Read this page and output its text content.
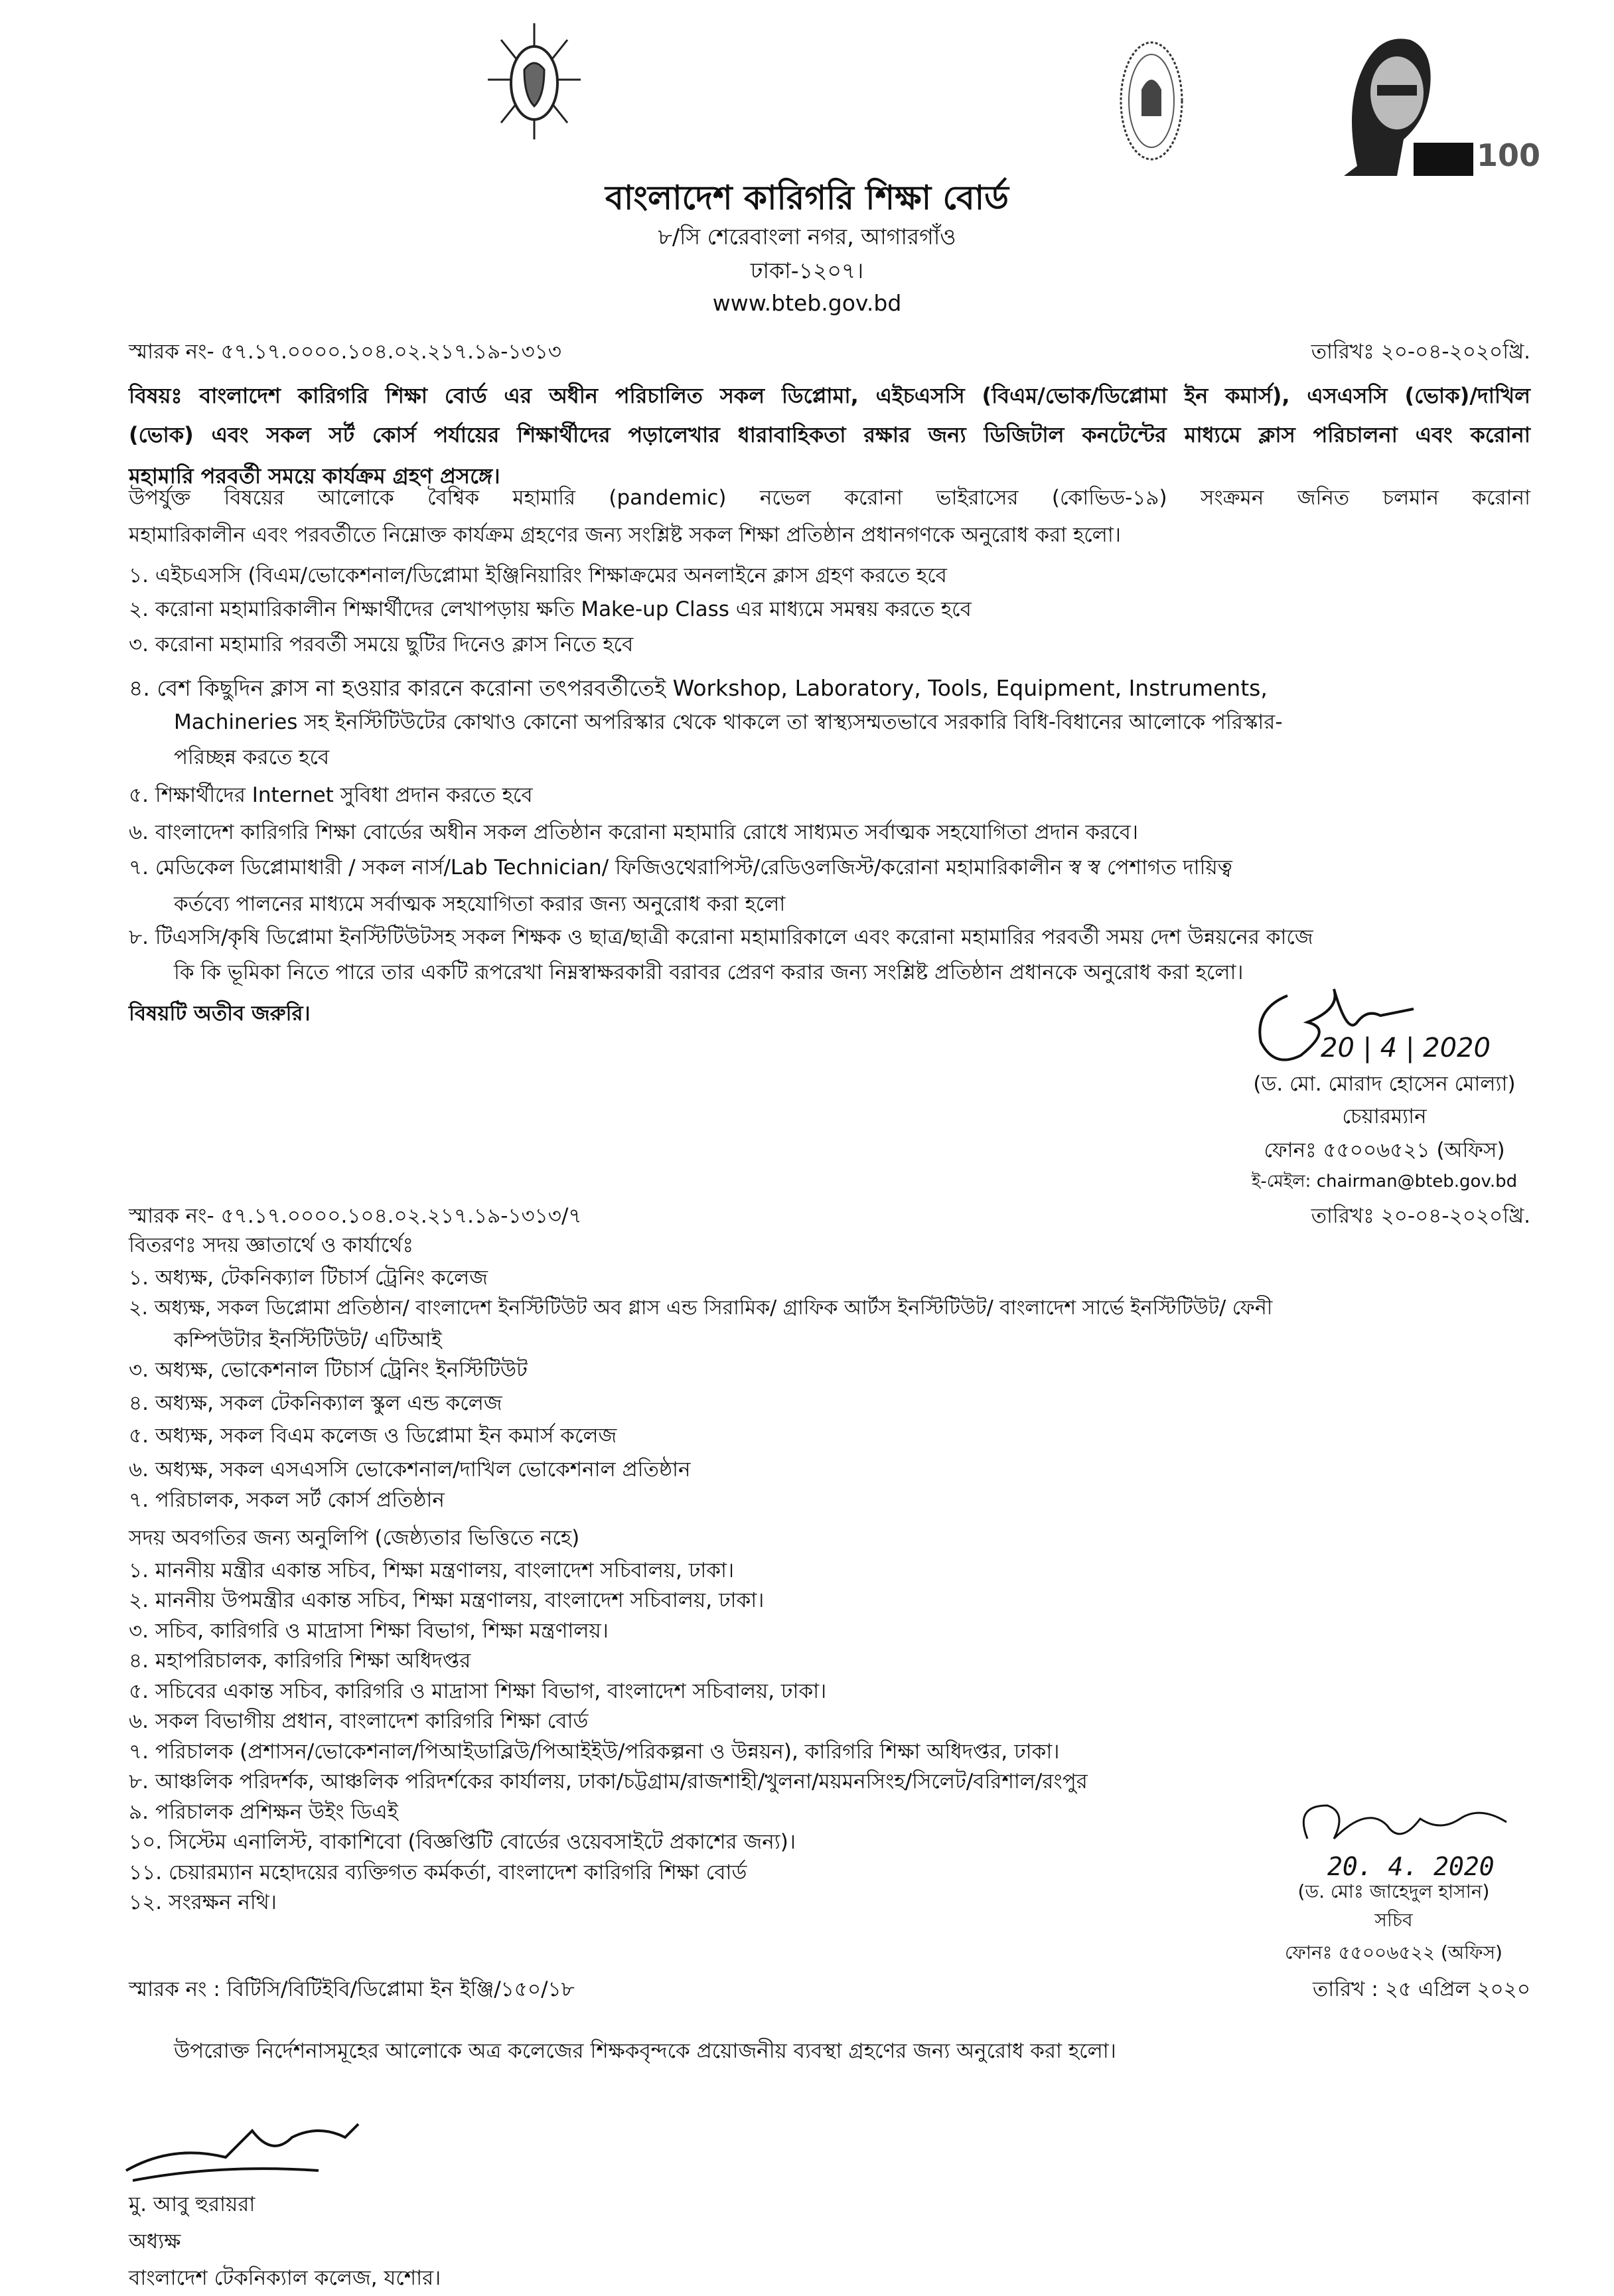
100
বাংলাদেশ কারিগরি শিক্ষা বোর্ড
৮/সি শেরেবাংলা নগর, আগারগাঁও
ঢাকা-১২০৭।
www.bteb.gov.bd
স্মারক নং- ৫৭.১৭.০০০০.১০৪.০২.২১৭.১৯-১৩১৩	তারিখঃ ২০-০৪-২০২০খ্রি.
বিষয়ঃ বাংলাদেশ কারিগরি শিক্ষা বোর্ড এর অধীন পরিচালিত সকল ডিপ্লোমা, এইচএসসি (বিএম/ভোক/ডিপ্লোমা ইন কমার্স), এসএসসি (ভোক)/দাখিল
(ভোক) এবং সকল সর্ট কোর্স পর্যায়ের শিক্ষার্থীদের পড়ালেখার ধারাবাহিকতা রক্ষার জন্য ডিজিটাল কনটেন্টের মাধ্যমে ক্লাস পরিচালনা এবং করোনা
মহামারি পরবর্তী সময়ে কার্যক্রম গ্রহণ প্রসঙ্গে।
উপর্যুক্ত বিষয়ের আলোকে বৈশ্বিক মহামারি (pandemic) নভেল করোনা ভাইরাসের (কোভিড-১৯) সংক্রমন জনিত চলমান করোনা
মহামারিকালীন এবং পরবর্তীতে নিম্নোক্ত কার্যক্রম গ্রহণের জন্য সংশ্লিষ্ট সকল শিক্ষা প্রতিষ্ঠান প্রধানগণকে অনুরোধ করা হলো।
১. এইচএসসি (বিএম/ভোকেশনাল/ডিপ্লোমা ইঞ্জিনিয়ারিং শিক্ষাক্রমের অনলাইনে ক্লাস গ্রহণ করতে হবে
২. করোনা মহামারিকালীন শিক্ষার্থীদের লেখাপড়ায় ক্ষতি Make-up Class এর মাধ্যমে সমন্বয় করতে হবে
৩. করোনা মহামারি পরবর্তী সময়ে ছুটির দিনেও ক্লাস নিতে হবে
৪. বেশ কিছুদিন ক্লাস না হওয়ার কারনে করোনা তৎপরবর্তীতেই Workshop, Laboratory, Tools, Equipment, Instruments,
Machineries সহ ইনস্টিটিউটের কোথাও কোনো অপরিস্কার থেকে থাকলে তা স্বাস্থ্যসম্মতভাবে সরকারি বিধি-বিধানের আলোকে পরিস্কার-
পরিচ্ছন্ন করতে হবে
৫. শিক্ষার্থীদের Internet সুবিধা প্রদান করতে হবে
৬. বাংলাদেশ কারিগরি শিক্ষা বোর্ডের অধীন সকল প্রতিষ্ঠান করোনা মহামারি রোধে সাধ্যমত সর্বাত্মক সহযোগিতা প্রদান করবে।
৭. মেডিকেল ডিপ্লোমাধারী / সকল নার্স/Lab Technician/ ফিজিওথেরাপিস্ট/রেডিওলজিস্ট/করোনা মহামারিকালীন স্ব স্ব পেশাগত দায়িত্ব
কর্তব্যে পালনের মাধ্যমে সর্বাত্মক সহযোগিতা করার জন্য অনুরোধ করা হলো
৮. টিএসসি/কৃষি ডিপ্লোমা ইনস্টিটিউটসহ সকল শিক্ষক ও ছাত্র/ছাত্রী করোনা মহামারিকালে এবং করোনা মহামারির পরবর্তী সময় দেশ উন্নয়নের কাজে
কি কি ভূমিকা নিতে পারে তার একটি রূপরেখা নিম্নস্বাক্ষরকারী বরাবর প্রেরণ করার জন্য সংশ্লিষ্ট প্রতিষ্ঠান প্রধানকে অনুরোধ করা হলো।
বিষয়টি অতীব জরুরি।
20 | 4 | 2020
(ড. মো. মোরাদ হোসেন মোল্যা)
চেয়ারম্যান
ফোনঃ ৫৫০০৬৫২১ (অফিস)
ই-মেইল: chairman@bteb.gov.bd
স্মারক নং- ৫৭.১৭.০০০০.১০৪.০২.২১৭.১৯-১৩১৩/৭	তারিখঃ ২০-০৪-২০২০খ্রি.
বিতরণঃ সদয় জ্ঞাতার্থে ও কার্যার্থেঃ
১. অধ্যক্ষ, টেকনিক্যাল টিচার্স ট্রেনিং কলেজ
২. অধ্যক্ষ, সকল ডিপ্লোমা প্রতিষ্ঠান/ বাংলাদেশ ইনস্টিটিউট অব গ্লাস এন্ড সিরামিক/ গ্রাফিক আর্টস ইনস্টিটিউট/ বাংলাদেশ সার্ভে ইনস্টিটিউট/ ফেনী
কম্পিউটার ইনস্টিটিউট/ এটিআই
৩. অধ্যক্ষ, ভোকেশনাল টিচার্স ট্রেনিং ইনস্টিটিউট
৪. অধ্যক্ষ, সকল টেকনিক্যাল স্কুল এন্ড কলেজ
৫. অধ্যক্ষ, সকল বিএম কলেজ ও ডিপ্লোমা ইন কমার্স কলেজ
৬. অধ্যক্ষ, সকল এসএসসি ভোকেশনাল/দাখিল ভোকেশনাল প্রতিষ্ঠান
৭. পরিচালক, সকল সর্ট কোর্স প্রতিষ্ঠান
সদয় অবগতির জন্য অনুলিপি (জেষ্ঠ্যতার ভিত্তিতে নহে)
১. মাননীয় মন্ত্রীর একান্ত সচিব, শিক্ষা মন্ত্রণালয়, বাংলাদেশ সচিবালয়, ঢাকা।
২. মাননীয় উপমন্ত্রীর একান্ত সচিব, শিক্ষা মন্ত্রণালয়, বাংলাদেশ সচিবালয়, ঢাকা।
৩. সচিব, কারিগরি ও মাদ্রাসা শিক্ষা বিভাগ, শিক্ষা মন্ত্রণালয়।
৪. মহাপরিচালক, কারিগরি শিক্ষা অধিদপ্তর
৫. সচিবের একান্ত সচিব, কারিগরি ও মাদ্রাসা শিক্ষা বিভাগ, বাংলাদেশ সচিবালয়, ঢাকা।
৬. সকল বিভাগীয় প্রধান, বাংলাদেশ কারিগরি শিক্ষা বোর্ড
৭. পরিচালক (প্রশাসন/ভোকেশনাল/পিআইডাব্লিউ/পিআইইউ/পরিকল্পনা ও উন্নয়ন), কারিগরি শিক্ষা অধিদপ্তর, ঢাকা।
৮. আঞ্চলিক পরিদর্শক, আঞ্চলিক পরিদর্শকের কার্যালয়, ঢাকা/চট্টগ্রাম/রাজশাহী/খুলনা/ময়মনসিংহ/সিলেট/বরিশাল/রংপুর
৯. পরিচালক প্রশিক্ষন উইং ডিএই
১০. সিস্টেম এনালিস্ট, বাকাশিবো (বিজ্ঞপ্তিটি বোর্ডের ওয়েবসাইটে প্রকাশের জন্য)।
১১. চেয়ারম্যান মহোদয়ের ব্যক্তিগত কর্মকর্তা, বাংলাদেশ কারিগরি শিক্ষা বোর্ড
১২. সংরক্ষন নথি।
20. 4. 2020
(ড. মোঃ জাহেদুল হাসান)
সচিব
ফোনঃ ৫৫০০৬৫২২ (অফিস)
স্মারক নং : বিটিসি/বিটিইবি/ডিপ্লোমা ইন ইঞ্জি/১৫০/১৮	তারিখ : ২৫ এপ্রিল ২০২০
উপরোক্ত নির্দেশনাসমূহের আলোকে অত্র কলেজের শিক্ষকবৃন্দকে প্রয়োজনীয় ব্যবস্থা গ্রহণের জন্য অনুরোধ করা হলো।
মু. আবু হুরায়রা
অধ্যক্ষ
বাংলাদেশ টেকনিক্যাল কলেজ, যশোর।
